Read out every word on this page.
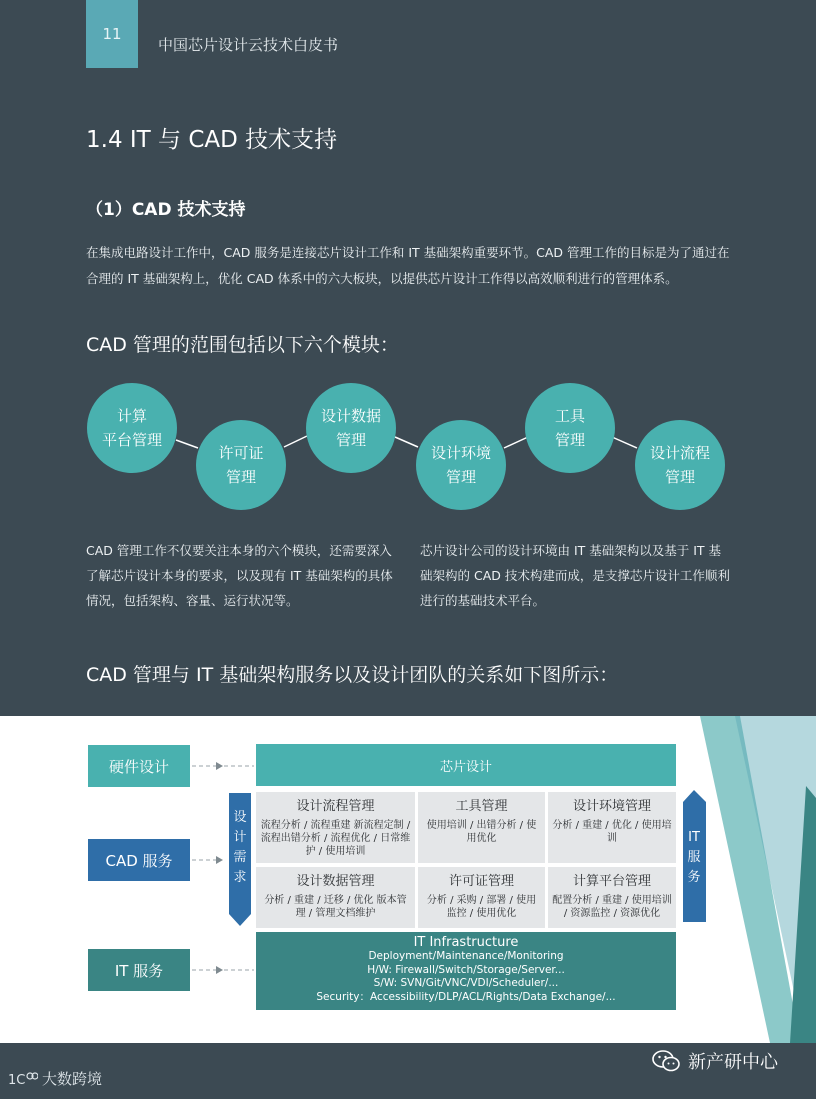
11
中国芯片设计云技术白皮书
1.4 IT 与 CAD 技术支持
（1）CAD 技术支持

在集成电路设计工作中，CAD 服务是连接芯片设计工作和 IT 基础架构重要环节。CAD 管理工作的目标是为了通过在合理的 IT 基础架构上，优化 CAD 体系中的六大板块，以提供芯片设计工作得以高效顺利进行的管理体系。

CAD 管理的范围包括以下六个模块：
计算
平台管理
许可证
管理
设计数据
管理
设计环境
管理
工具
管理
设计流程
管理

CAD 管理工作不仅要关注本身的六个模块，还需要深入了解芯片设计本身的要求，以及现有 IT 基础架构的具体情况，包括架构、容量、运行状况等。

芯片设计公司的设计环境由 IT 基础架构以及基于 IT 基础架构的 CAD 技术构建而成，是支撑芯片设计工作顺利进行的基础技术平台。

CAD 管理与 IT 基础架构服务以及设计团队的关系如下图所示：
硬件设计
CAD 服务
IT 服务
芯片设计
设
计
需
求
IT
服
务
设计流程管理
流程分析 / 流程重建 新流程定制 / 流程出错分析 / 流程优化 / 日常维护 / 使用培训
工具管理
使用培训 / 出错分析 / 使用优化
设计环境管理
分析 / 重建 / 优化 / 使用培训
设计数据管理
分析 / 重建 / 迁移 / 优化 版本管理 / 管理文档维护
许可证管理
分析 / 采购 / 部署 / 使用监控 / 使用优化
计算平台管理
配置分析 / 重建 / 使用培训 / 资源监控 / 资源优化
IT Infrastructure
Deployment/Maintenance/Monitoring
H/W: Firewall/Switch/Storage/Server...
S/W: SVN/Git/VNC/VDI/Scheduler/...
Security：Accessibility/DLP/ACL/Rights/Data Exchange/...
1C 大数跨境
新产研中心
